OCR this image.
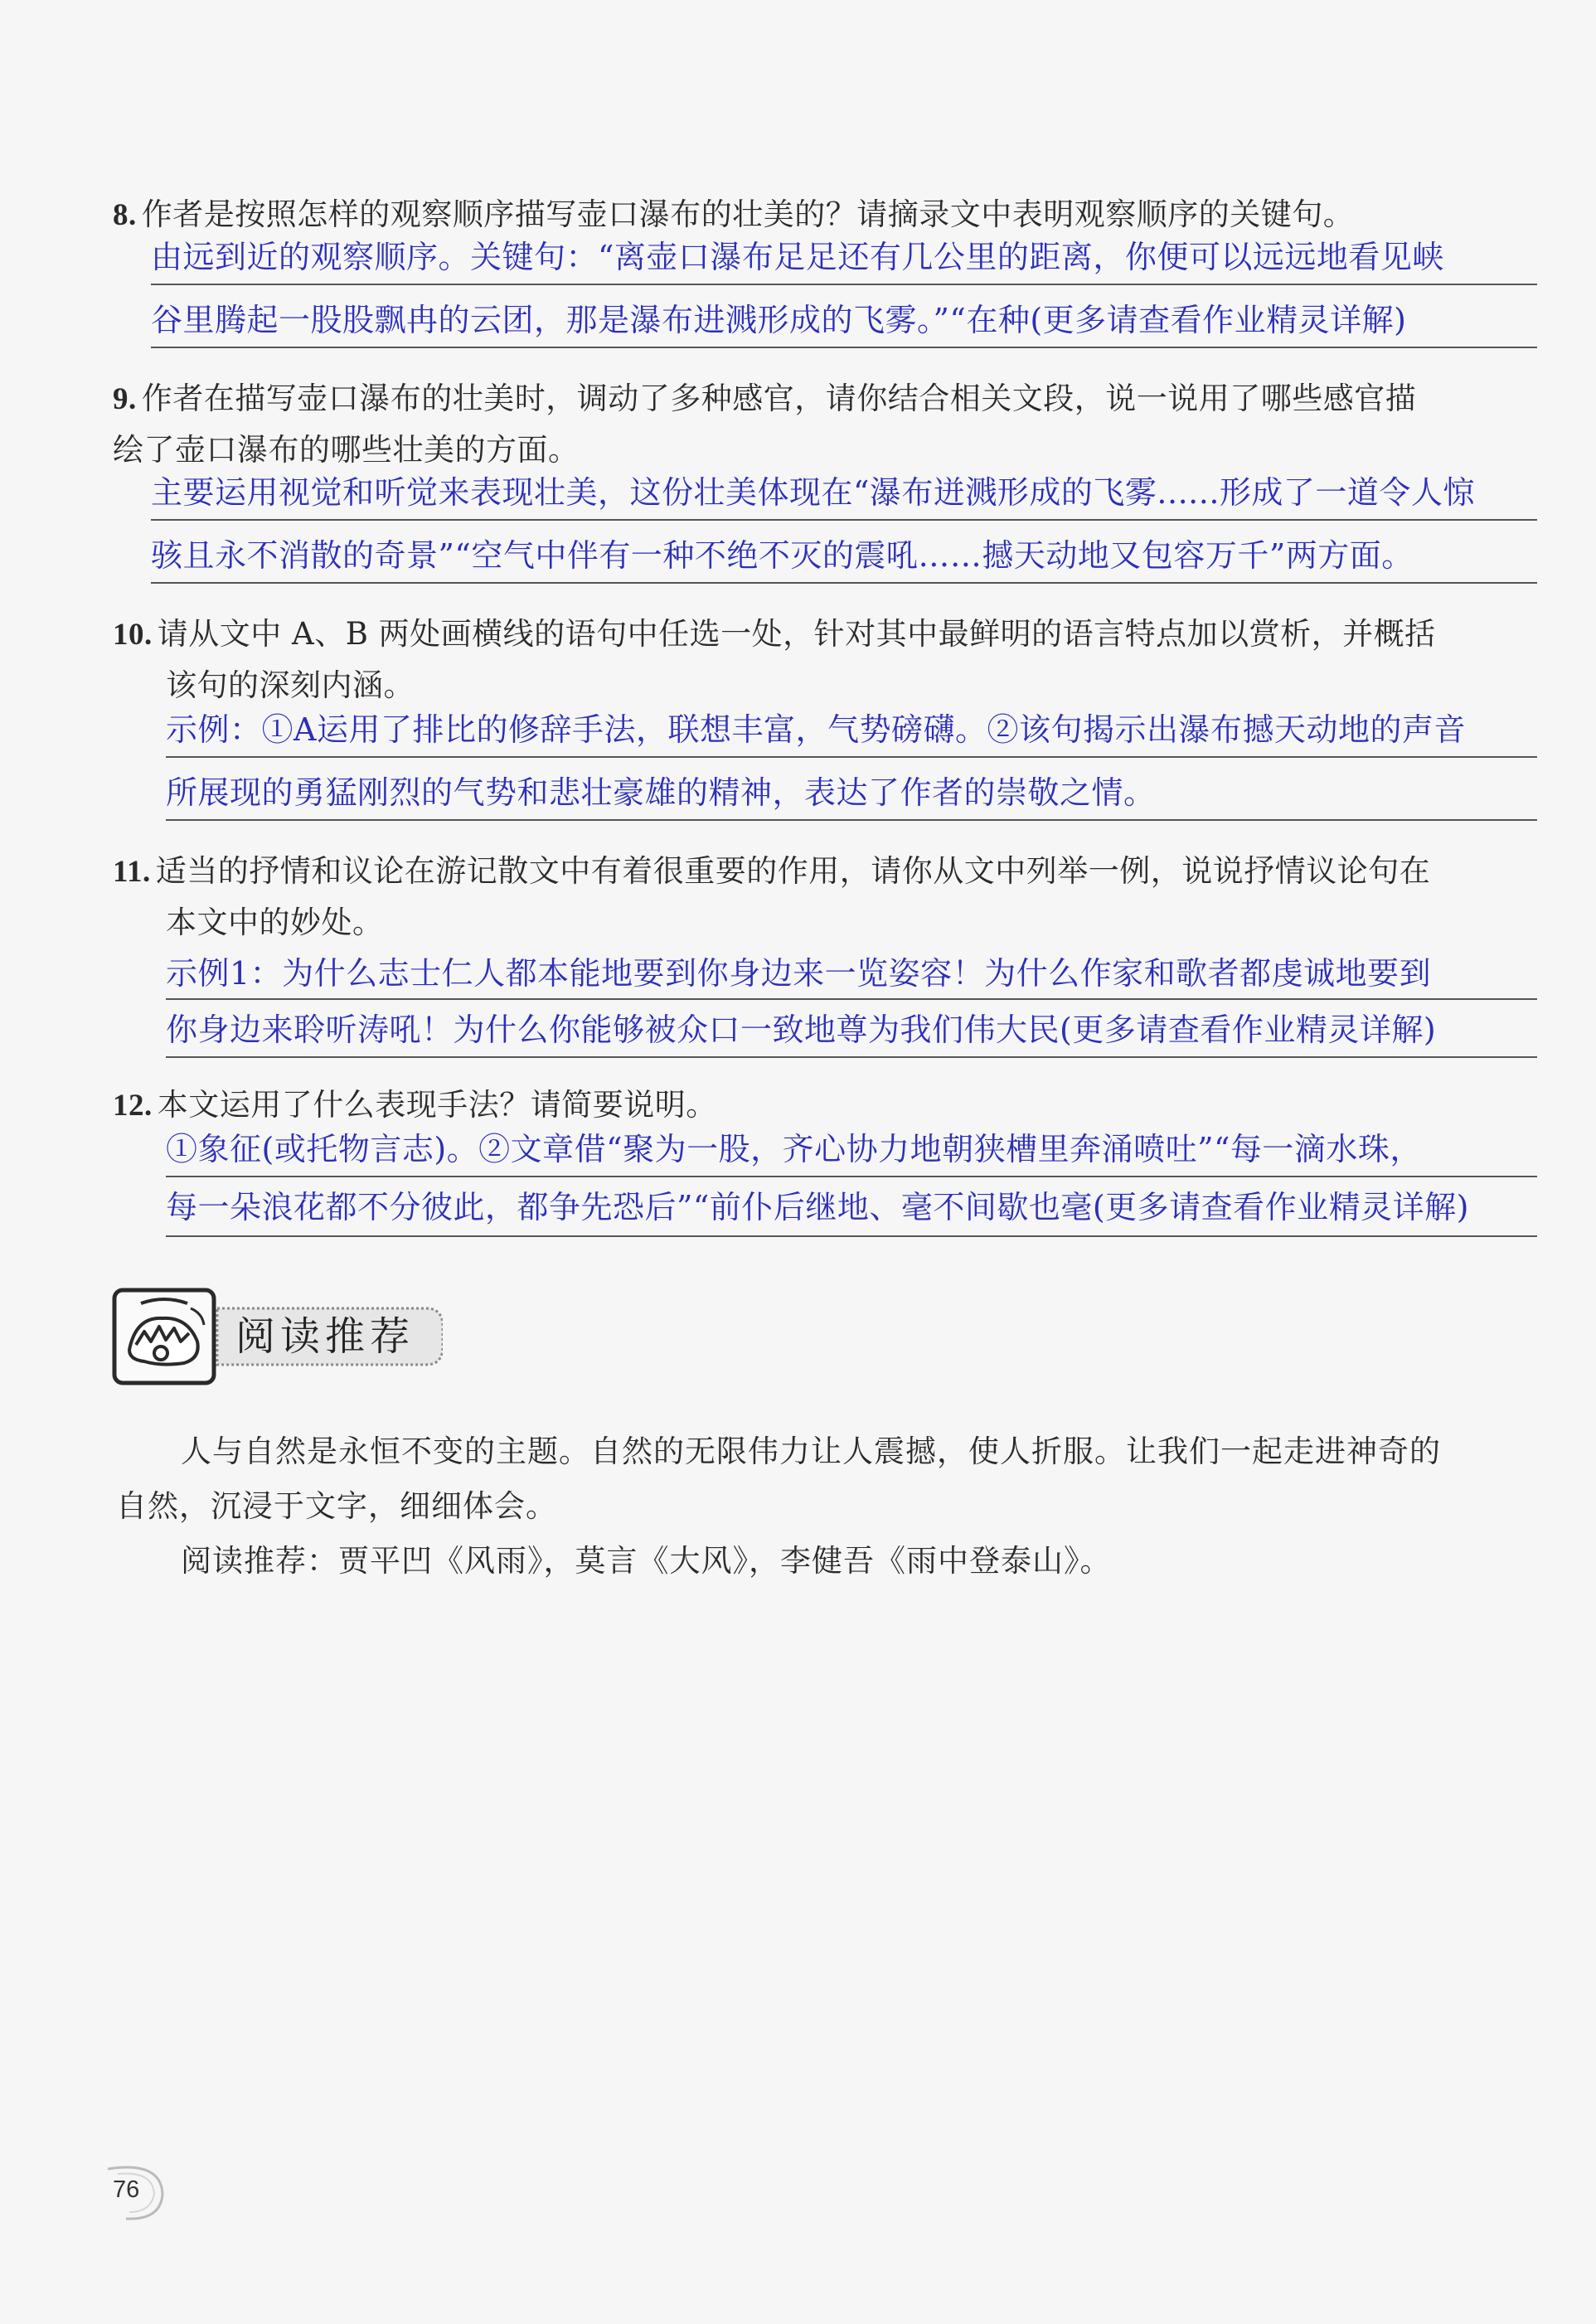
8. 作者是按照怎样的观察顺序描写壶口瀑布的壮美的？请摘录文中表明观察顺序的关键句。
由远到近的观察顺序。关键句：“离壶口瀑布足足还有几公里的距离，你便可以远远地看见峡
谷里腾起一股股飘冉的云团，那是瀑布进溅形成的飞雾。”“在种(更多请查看作业精灵详解)
9. 作者在描写壶口瀑布的壮美时，调动了多种感官，请你结合相关文段，说一说用了哪些感官描
绘了壶口瀑布的哪些壮美的方面。
主要运用视觉和听觉来表现壮美，这份壮美体现在“瀑布迸溅形成的飞雾......形成了一道令人惊
骇且永不消散的奇景”“空气中伴有一种不绝不灭的震吼……撼天动地又包容万千”两方面。
10. 请从文中 A、B 两处画横线的语句中任选一处，针对其中最鲜明的语言特点加以赏析，并概括
该句的深刻内涵。
示例：①A运用了排比的修辞手法，联想丰富，气势磅礴。②该句揭示出瀑布撼天动地的声音
所展现的勇猛刚烈的气势和悲壮豪雄的精神，表达了作者的崇敬之情。
11. 适当的抒情和议论在游记散文中有着很重要的作用，请你从文中列举一例，说说抒情议论句在
本文中的妙处。
示例1：为什么志士仁人都本能地要到你身边来一览姿容！为什么作家和歌者都虔诚地要到
你身边来聆听涛吼！为什么你能够被众口一致地尊为我们伟大民(更多请查看作业精灵详解)
12. 本文运用了什么表现手法？请简要说明。
①象征(或托物言志)。②文章借“聚为一股，齐心协力地朝狭槽里奔涌喷吐”“每一滴水珠，
每一朵浪花都不分彼此，都争先恐后”“前仆后继地、毫不间歇也毫(更多请查看作业精灵详解)
阅读推荐
人与自然是永恒不变的主题。自然的无限伟力让人震撼，使人折服。让我们一起走进神奇的
自然，沉浸于文字，细细体会。
阅读推荐：贾平凹《风雨》，莫言《大风》，李健吾《雨中登泰山》。
76
